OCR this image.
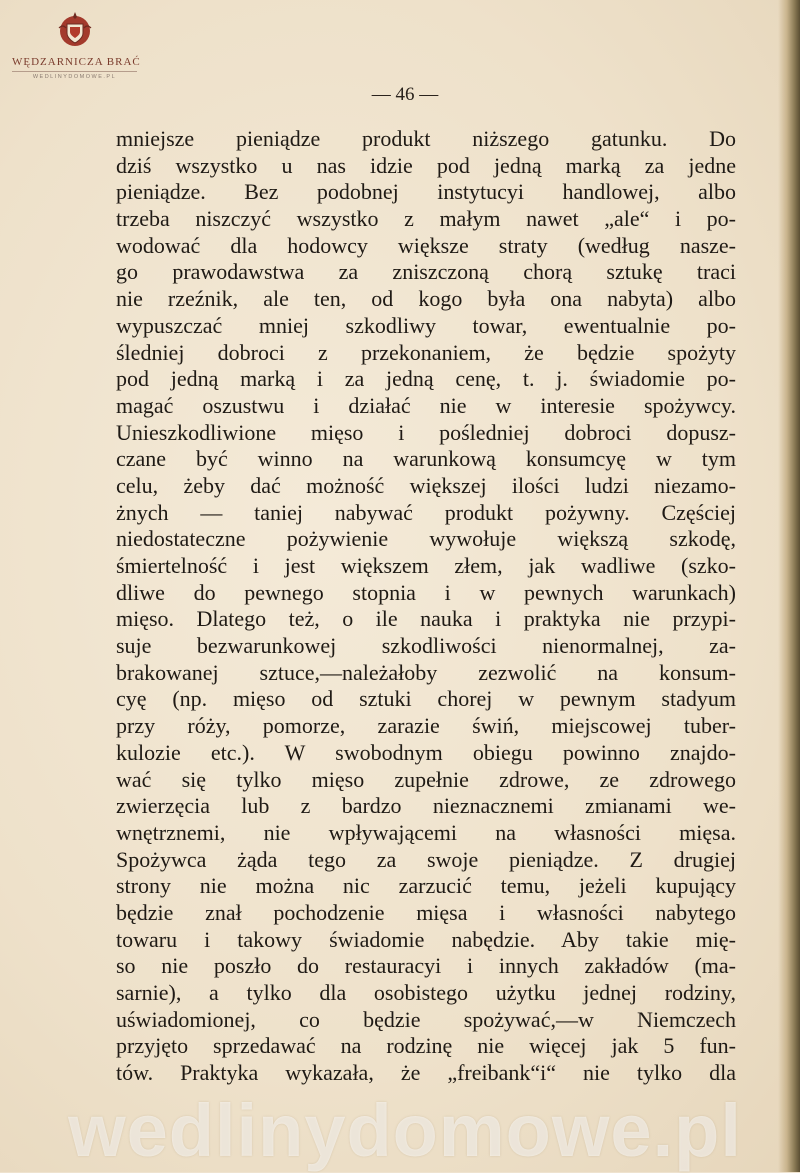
WĘDZARNICZA BRAĆ
WEDLINYDOMOWE.PL
— 46 —
mniejsze pieniądze produkt niższego gatunku. Do
dziś wszystko u nas idzie pod jedną marką za jedne
pieniądze. Bez podobnej instytucyi handlowej, albo
trzeba niszczyć wszystko z małym nawet „ale“ i po-
wodować dla hodowcy większe straty (według nasze-
go prawodawstwa za zniszczoną chorą sztukę traci
nie rzeźnik, ale ten, od kogo była ona nabyta) albo
wypuszczać mniej szkodliwy towar, ewentualnie po-
śledniej dobroci z przekonaniem, że będzie spożyty
pod jedną marką i za jedną cenę, t. j. świadomie po-
magać oszustwu i działać nie w interesie spożywcy.
Unieszkodliwione mięso i pośledniej dobroci dopusz-
czane być winno na warunkową konsumcyę w tym
celu, żeby dać możność większej ilości ludzi niezamo-
żnych — taniej nabywać produkt pożywny. Częściej
niedostateczne pożywienie wywołuje większą szkodę,
śmiertelność i jest większem złem, jak wadliwe (szko-
dliwe do pewnego stopnia i w pewnych warunkach)
mięso. Dlatego też, o ile nauka i praktyka nie przypi-
suje bezwarunkowej szkodliwości nienormalnej, za-
brakowanej sztuce,—należałoby zezwolić na konsum-
cyę (np. mięso od sztuki chorej w pewnym stadyum
przy róży, pomorze, zarazie świń, miejscowej tuber-
kulozie etc.). W swobodnym obiegu powinno znajdo-
wać się tylko mięso zupełnie zdrowe, ze zdrowego
zwierzęcia lub z bardzo nieznacznemi zmianami we-
wnętrznemi, nie wpływającemi na własności mięsa.
Spożywca żąda tego za swoje pieniądze. Z drugiej
strony nie można nic zarzucić temu, jeżeli kupujący
będzie znał pochodzenie mięsa i własności nabytego
towaru i takowy świadomie nabędzie. Aby takie mię-
so nie poszło do restauracyi i innych zakładów (ma-
sarnie), a tylko dla osobistego użytku jednej rodziny,
uświadomionej, co będzie spożywać,—w Niemczech
przyjęto sprzedawać na rodzinę nie więcej jak 5 fun-
tów. Praktyka wykazała, że „freibank“i“ nie tylko dla
wedlinydomowe.pl
